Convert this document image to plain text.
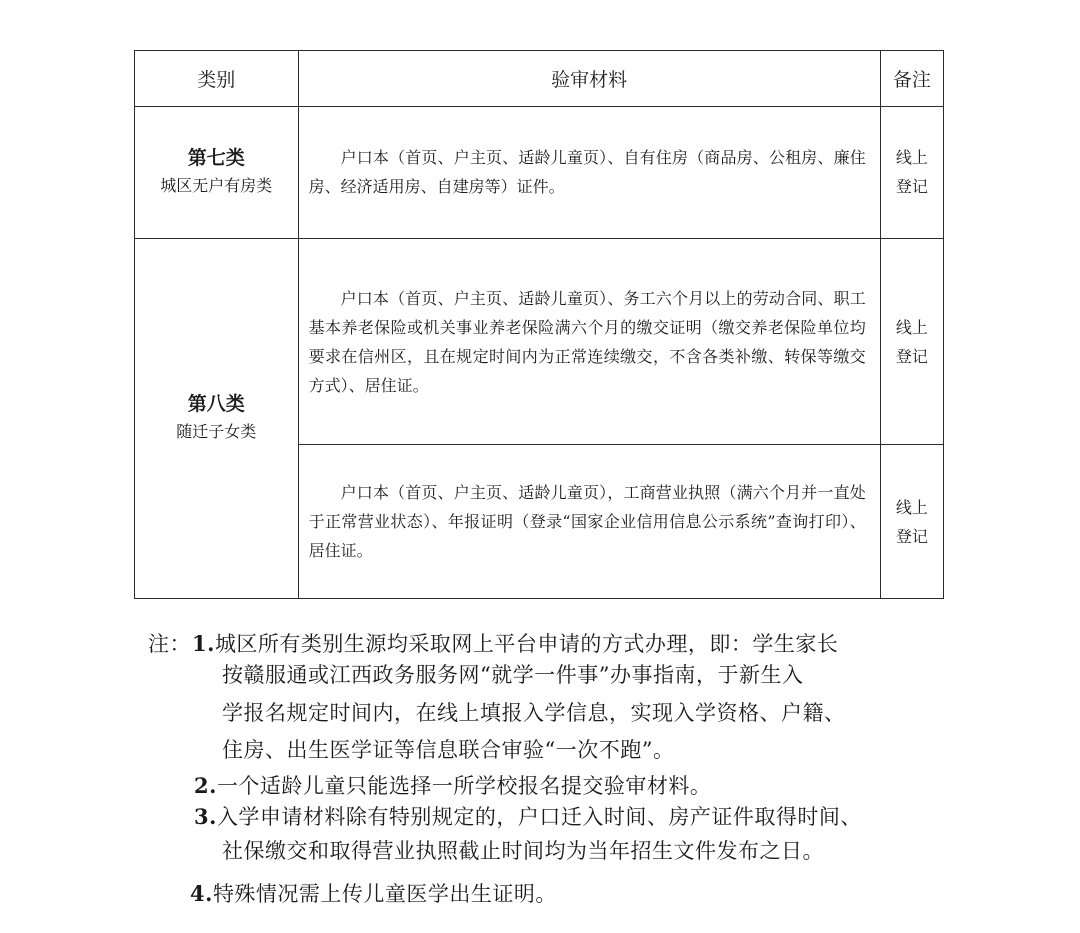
类别	验审材料	备注

第七类
城区无户有房类	户口本（首页、户主页、适龄儿童页）、自有住房（商品房、公租房、廉住房、经济适用房、自建房等）证件。	线上
登记

第八类
随迁子女类	户口本（首页、户主页、适龄儿童页）、务工六个月以上的劳动合同、职工基本养老保险或机关事业养老保险满六个月的缴交证明（缴交养老保险单位均要求在信州区，且在规定时间内为正常连续缴交，不含各类补缴、转保等缴交方式）、居住证。	线上
登记

	户口本（首页、户主页、适龄儿童页），工商营业执照（满六个月并一直处于正常营业状态）、年报证明（登录“国家企业信用信息公示系统”查询打印）、居住证。	线上
登记
注： 1.城区所有类别生源均采取网上平台申请的方式办理，即：学生家长
按赣服通或江西政务服务网“就学一件事”办事指南，于新生入
学报名规定时间内，在线上填报入学信息，实现入学资格、户籍、
住房、出生医学证等信息联合审验“一次不跑”。
2.一个适龄儿童只能选择一所学校报名提交验审材料。
3.入学申请材料除有特别规定的，户口迁入时间、房产证件取得时间、
社保缴交和取得营业执照截止时间均为当年招生文件发布之日。
4.特殊情况需上传儿童医学出生证明。
